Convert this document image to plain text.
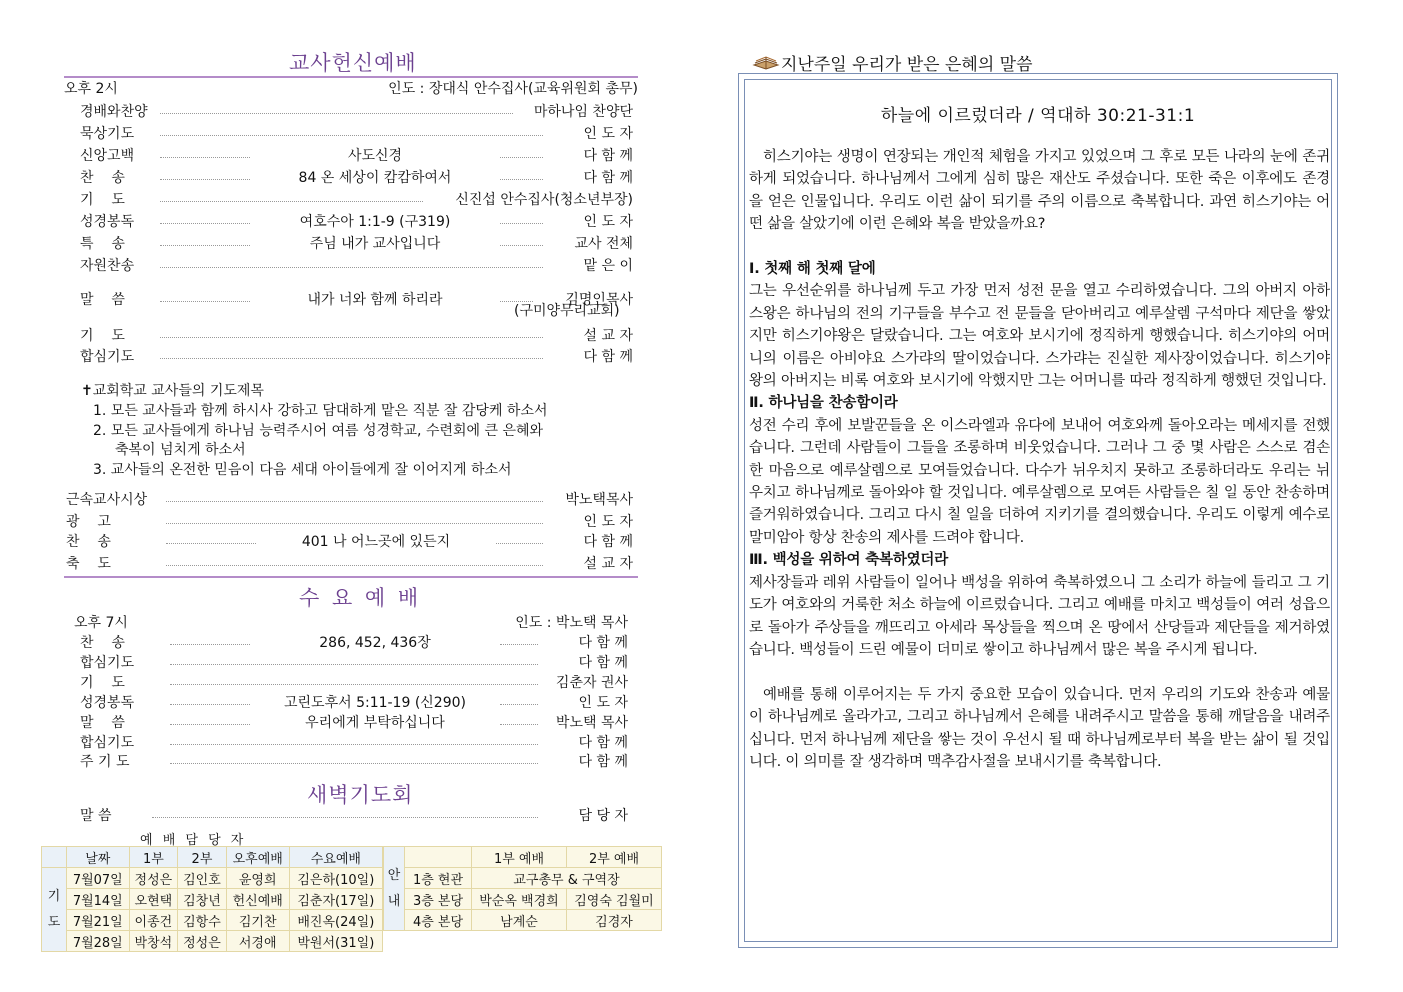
교사헌신예배
오후 2시	인도 : 장대식 안수집사(교육위원회 총무)
경배와찬양	마하나임 찬양단
묵상기도	인 도 자
신앙고백	사도신경	다 함 께
찬    송	84 온 세상이 캄캄하여서	다 함 께
기    도	신진섭 안수집사(청소년부장)
성경봉독	여호수아 1:1-9 (구319)	인 도 자
특    송	주님 내가 교사입니다	교사 전체
자원찬송	맡 은 이
말    씀	내가 너와 함께 하리라	김명인목사
기    도	설 교 자
합심기도	다 함 께
(구미양무리교회)
✝교회학교 교사들의 기도제목
1. 모든 교사들과 함께 하시사 강하고 담대하게 맡은 직분 잘 감당케 하소서
2. 모든 교사들에게 하나님 능력주시어 여름 성경학교, 수련회에 큰 은혜와
축복이 넘치게 하소서
3. 교사들의 온전한 믿음이 다음 세대 아이들에게 잘 이어지게 하소서
근속교사시상	박노택목사
광    고	인 도 자
찬    송	401 나 어느곳에 있든지	다 함 께
축    도	설 교 자
수 요 예 배
오후 7시	인도 : 박노택 목사
찬    송	286, 452, 436장	다 함 께
합심기도	다 함 께
기    도	김춘자 권사
성경봉독	고린도후서 5:11-19 (신290)	인 도 자
말    씀	우리에게 부탁하십니다	박노택 목사
합심기도	다 함 께
주 기 도	다 함 께
새벽기도회
말 씀	담 당 자
예 배 담 당 자
	날짜	1부	2부	오후예배	수요예배
기도	7월07일	정성은	김인호	윤영희	김은하(10일)
	7월14일	오현택	김창년	헌신예배	김춘자(17일)
	7월21일	이종건	김항수	김기찬	배진옥(24일)
	7월28일	박창석	정성은	서경애	박원서(31일)
안내		1부 예배	2부 예배
	1층 현관	교구총무 & 구역장	
	3층 본당	박순옥 백경희	김영숙 김월미
	4층 본당	남계순	김경자
지난주일 우리가 받은 은혜의 말씀
하늘에 이르렀더라 / 역대하 30:21-31:1

히스기야는 생명이 연장되는 개인적 체험을 가지고 있었으며 그 후로 모든 나라의 눈에 존귀하게 되었습니다. 하나님께서 그에게 심히 많은 재산도 주셨습니다. 또한 죽은 이후에도 존경을 얻은 인물입니다. 우리도 이런 삶이 되기를 주의 이름으로 축복합니다. 과연 히스기야는 어떤 삶을 살았기에 이런 은혜와 복을 받았을까요?

Ⅰ. 첫째 해 첫째 달에

그는 우선순위를 하나님께 두고 가장 먼저 성전 문을 열고 수리하였습니다. 그의 아버지 아하스왕은 하나님의 전의 기구들을 부수고 전 문들을 닫아버리고 예루살렘 구석마다 제단을 쌓았지만 히스기야왕은 달랐습니다. 그는 여호와 보시기에 정직하게 행했습니다. 히스기야의 어머니의 이름은 아비야요 스가랴의 딸이었습니다. 스가랴는 진실한 제사장이었습니다. 히스기야왕의 아버지는 비록 여호와 보시기에 악했지만 그는 어머니를 따라 정직하게 행했던 것입니다.

Ⅱ. 하나님을 찬송함이라

성전 수리 후에 보발꾼들을 온 이스라엘과 유다에 보내어 여호와께 돌아오라는 메세지를 전했습니다. 그런데 사람들이 그들을 조롱하며 비웃었습니다. 그러나 그 중 몇 사람은 스스로 겸손한 마음으로 예루살렘으로 모여들었습니다. 다수가 뉘우치지 못하고 조롱하더라도 우리는 뉘우치고 하나님께로 돌아와야 할 것입니다. 예루살렘으로 모여든 사람들은 칠 일 동안 찬송하며 즐거워하였습니다. 그리고 다시 칠 일을 더하여 지키기를 결의했습니다. 우리도 이렇게 예수로 말미암아 항상 찬송의 제사를 드려야 합니다.

Ⅲ. 백성을 위하여 축복하였더라

제사장들과 레위 사람들이 일어나 백성을 위하여 축복하였으니 그 소리가 하늘에 들리고 그 기도가 여호와의 거룩한 처소 하늘에 이르렀습니다. 그리고 예배를 마치고 백성들이 여러 성읍으로 돌아가 주상들을 깨뜨리고 아세라 목상들을 찍으며 온 땅에서 산당들과 제단들을 제거하였습니다. 백성들이 드린 예물이 더미로 쌓이고 하나님께서 많은 복을 주시게 됩니다.

예배를 통해 이루어지는 두 가지 중요한 모습이 있습니다. 먼저 우리의 기도와 찬송과 예물이 하나님께로 올라가고, 그리고 하나님께서 은혜를 내려주시고 말씀을 통해 깨달음을 내려주십니다. 먼저 하나님께 제단을 쌓는 것이 우선시 될 때 하나님께로부터 복을 받는 삶이 될 것입니다. 이 의미를 잘 생각하며 맥추감사절을 보내시기를 축복합니다.
